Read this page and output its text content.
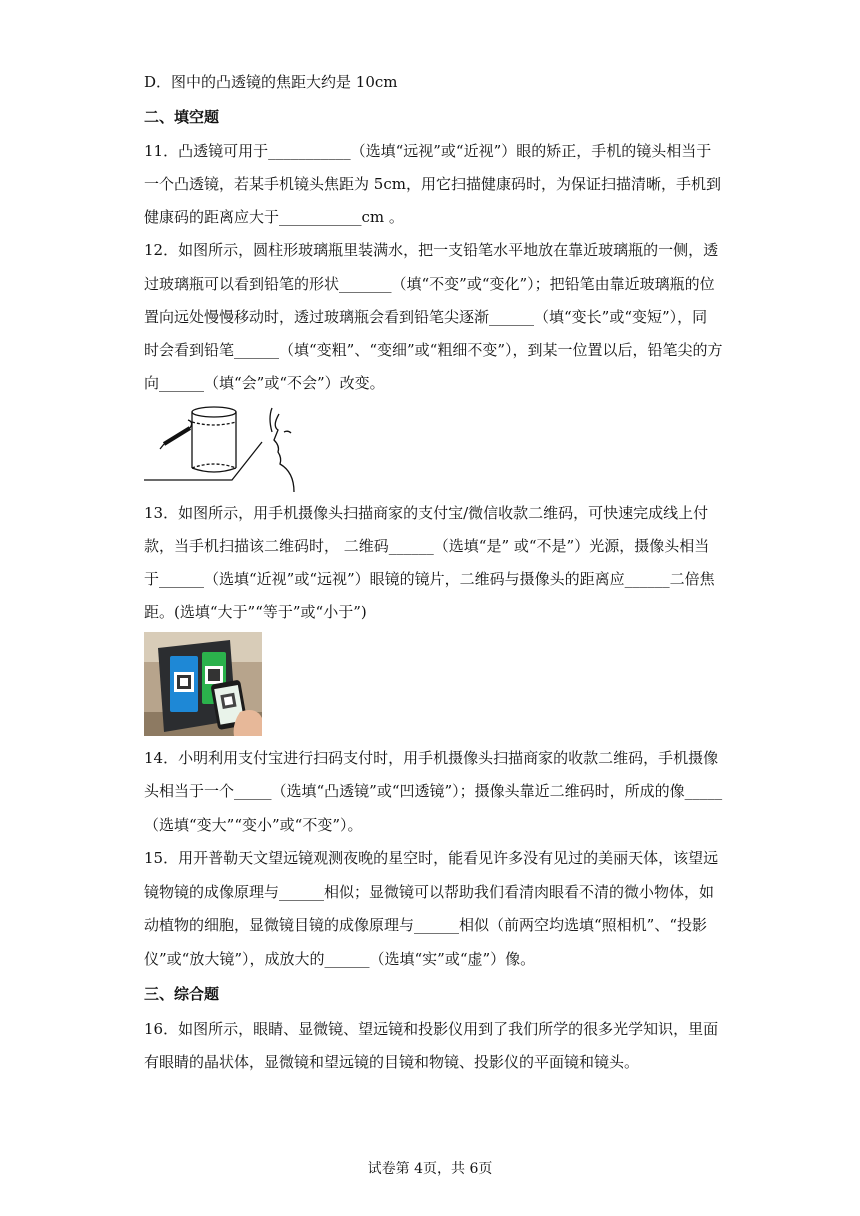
D．图中的凸透镜的焦距大约是 10cm
二、填空题
11．凸透镜可用于___________（选填“远视”或“近视”）眼的矫正，手机的镜头相当于
一个凸透镜，若某手机镜头焦距为 5cm，用它扫描健康码时，为保证扫描清晰，手机到
健康码的距离应大于___________cm 。
12．如图所示，圆柱形玻璃瓶里装满水，把一支铅笔水平地放在靠近玻璃瓶的一侧，透
过玻璃瓶可以看到铅笔的形状_______（填“不变”或“变化”）；把铅笔由靠近玻璃瓶的位
置向远处慢慢移动时，透过玻璃瓶会看到铅笔尖逐渐______（填“变长”或“变短”），同
时会看到铅笔______（填“变粗”、“变细”或“粗细不变”），到某一位置以后，铅笔尖的方
向______（填“会”或“不会”）改变。
13．如图所示，用手机摄像头扫描商家的支付宝/微信收款二维码，可快速完成线上付
款，当手机扫描该二维码时， 二维码______（选填“是” 或“不是”）光源，摄像头相当
于______（选填“近视”或“远视”）眼镜的镜片，二维码与摄像头的距离应______二倍焦
距。(选填“大于”“等于”或“小于”)
14．小明利用支付宝进行扫码支付时，用手机摄像头扫描商家的收款二维码，手机摄像
头相当于一个_____（选填“凸透镜”或“凹透镜”）；摄像头靠近二维码时，所成的像_____
（选填“变大”“变小”或“不变”）。
15．用开普勒天文望远镜观测夜晚的星空时，能看见许多没有见过的美丽天体，该望远
镜物镜的成像原理与______相似；显微镜可以帮助我们看清肉眼看不清的微小物体，如
动植物的细胞，显微镜目镜的成像原理与______相似（前两空均选填“照相机”、“投影
仪”或“放大镜”），成放大的______（选填“实”或“虚”）像。
三、综合题
16．如图所示，眼睛、显微镜、望远镜和投影仪用到了我们所学的很多光学知识，里面
有眼睛的晶状体，显微镜和望远镜的目镜和物镜、投影仪的平面镜和镜头。
试卷第 4页，共 6页
